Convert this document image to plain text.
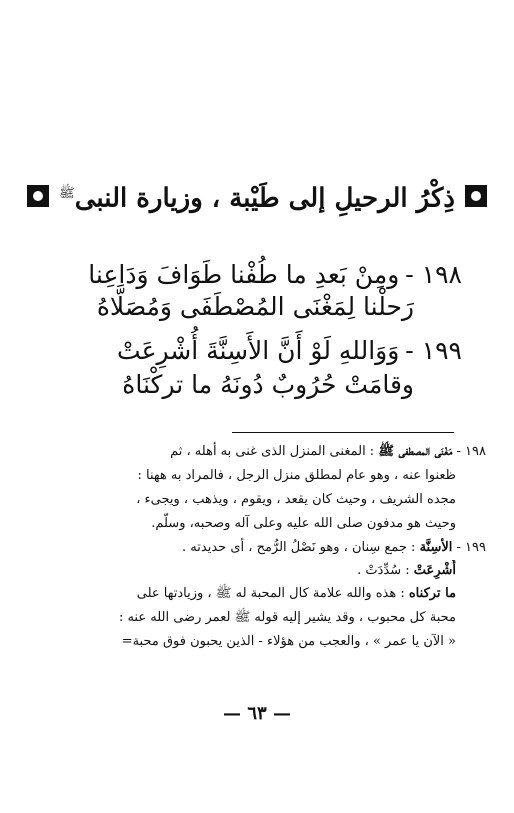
ذِكْرُ الرحيلِ إلى طَيْبة ، وزيارة النبى$^ﷺ$
١٩٨ -ومِنْ بَعدِ ما طُفْنا طَوَافَ وَدَاعِنا
رَحلْنا لِمَغْنَى المُصْطَفَى وَمُصَلَّاهُ
١٩٩ -وَوَاللهِ لَوْ أَنَّ الأَسِنَّةَ أُشْرِعَتْ
وقامَتْ حُرُوبٌ دُونَهُ ما تركْنَاهُ
١٩٨ - مَغْنَى المصطفى ﷺ : المغنى المنزل الذى غنى به أهله ، ثم
ظعنوا عنه ، وهو عام لمطلق منزل الرجل ، فالمراد به ههنا :
مجده الشريف ، وحيث كان يقعد ، ويقوم ، ويذهب ، ويجىء ،
وحيث هو مدفون صلى الله عليه وعلى آله وصحبه، وسلّم.
١٩٩ - الأسِنَّة : جمع سِنان ، وهو نَصْلُ الرُّمح ، أى حديدته .
أُشْرِعَتْ : سُدِّدَتْ .
ما تركناه : هذه والله علامة كال المحبة له ﷺ ، وزيادتها على
محبة كل محبوب ، وقد يشير إليه قوله ﷺ لعمر رضى الله عنه :
« الآن يا عمر » ، والعجب من هؤلاء - الذين يحبون فوق محبة=
— ٦٣ —
